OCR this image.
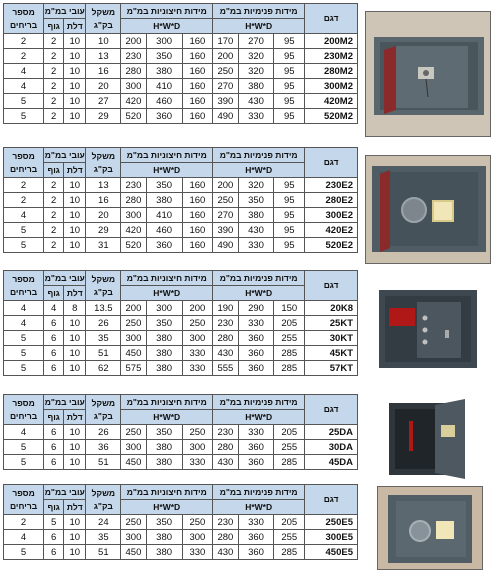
מספר בריחים	עובי במ"מ		משקל בק"ג	מידות חיצוניות במ"מ			מידות פנימיות במ"מ			דגם
	גוף	דלת		H*W*D			H*W*D			

2	2	10	10	200	300	160	170	270	95	200M2
2	2	10	13	230	350	160	200	320	95	230M2
4	2	10	16	280	380	160	250	320	95	280M2
4	2	10	20	300	410	160	270	380	95	300M2
5	2	10	27	420	460	160	390	430	95	420M2
5	2	10	29	520	360	160	490	330	95	520M2
מספר בריחים	עובי במ"מ		משקל בק"ג	מידות חיצוניות במ"מ			מידות פנימיות במ"מ			דגם
	גוף	דלת		H*W*D			H*W*D			

2	2	10	13	230	350	160	200	320	95	230E2
2	2	10	16	280	380	160	250	350	95	280E2
4	2	10	20	300	410	160	270	380	95	300E2
5	2	10	29	420	460	160	390	430	95	420E2
5	2	10	31	520	360	160	490	330	95	520E2
מספר בריחים	עובי במ"מ		משקל בק"ג	מידות חיצוניות במ"מ			מידות פנימיות במ"מ			דגם
	גוף	דלת		H*W*D			H*W*D			

4	4	8	13.5	200	300	200	190	290	150	20K8
4	6	10	26	250	350	250	230	330	205	25KT
5	6	10	35	300	380	300	280	360	255	30KT
5	6	10	51	450	380	330	430	360	285	45KT
5	6	10	62	575	380	330	555	360	285	57KT
מספר בריחים	עובי במ"מ		משקל בק"ג	מידות חיצוניות במ"מ			מידות פנימיות במ"מ			דגם
	גוף	דלת		H*W*D			H*W*D			

4	6	10	26	250	350	250	230	330	205	25DA
5	6	10	36	300	380	300	280	360	255	30DA
5	6	10	51	450	380	330	430	360	285	45DA
מספר בריחים	עובי במ"מ		משקל בק"ג	מידות חיצוניות במ"מ			מידות פנימיות במ"מ			דגם
	גוף	דלת		H*W*D			H*W*D			

2	5	10	24	250	350	250	230	330	205	250E5
4	6	10	35	300	380	300	280	360	255	300E5
5	6	10	51	450	380	330	430	360	285	450E5
